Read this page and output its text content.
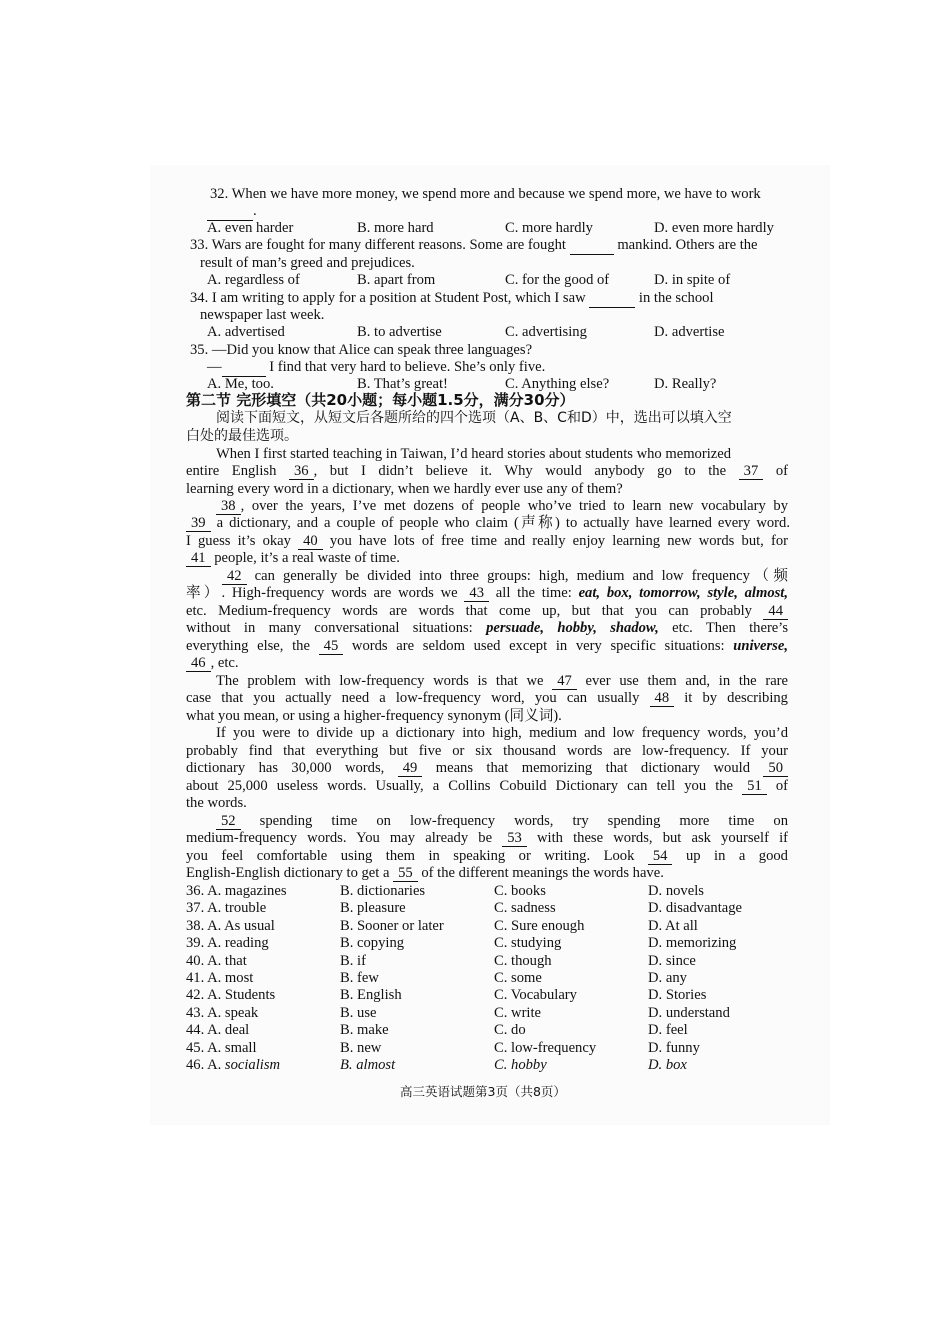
32. When we have more money, we spend more and because we spend more, we have to work
.
A. even harder	B. more hard	C. more hardly	D. even more hardly
33. Wars are fought for many different reasons. Some are fought	mankind. Others are the
result of man’s greed and prejudices.
A. regardless of	B. apart from	C. for the good of	D. in spite of
34. I am writing to apply for a position at Student Post, which I saw	in the school
newspaper last week.
A. advertised	B. to advertise	C. advertising	D. advertise
35. —Did you know that Alice can speak three languages?
—	I find that very hard to believe. She’s only five.
A. Me, too.	B. That’s great!	C. Anything else?	D. Really?
第二节 完形填空（共20小题；每小题1.5分，满分30分）
阅读下面短文，从短文后各题所给的四个选项（A、B、C和D）中，选出可以填入空
白处的最佳选项。
When I first started teaching in Taiwan, I’d heard stories about students who memorized
entire English 36 , but I didn’t believe it. Why would anybody go to the 37 of
learning every word in a dictionary, when we hardly ever use any of them?
38 , over the years, I’ve met dozens of people who’ve tried to learn new vocabulary by
39 a dictionary, and a couple of people who claim (声称) to actually have learned every word.
I guess it’s okay 40 you have lots of free time and really enjoy learning new words but, for
41 people, it’s a real waste of time.
42 can generally be divided into three groups: high, medium and low frequency（频
率）. High-frequency words are words we 43 all the time: eat, box, tomorrow, style, almost,
etc. Medium-frequency words are words that come up, but that you can probably 44
without in many conversational situations: persuade, hobby, shadow, etc. Then there’s
everything else, the 45 words are seldom used except in very specific situations: universe,
46 , etc.
The problem with low-frequency words is that we 47 ever use them and, in the rare
case that you actually need a low-frequency word, you can usually 48 it by describing
what you mean, or using a higher-frequency synonym (同义词).
If you were to divide up a dictionary into high, medium and low frequency words, you’d
probably find that everything but five or six thousand words are low-frequency. If your
dictionary has 30,000 words, 49 means that memorizing that dictionary would 50
about 25,000 useless words. Usually, a Collins Cobuild Dictionary can tell you the 51 of
the words.
52 spending time on low-frequency words, try spending more time on
medium-frequency words. You may already be 53 with these words, but ask yourself if
you feel comfortable using them in speaking or writing. Look 54 up in a good
English-English dictionary to get a 55 of the different meanings the words have.
36. A. magazines	B. dictionaries	C. books	D. novels
37. A. trouble	B. pleasure	C. sadness	D. disadvantage
38. A. As usual	B. Sooner or later	C. Sure enough	D. At all
39. A. reading	B. copying	C. studying	D. memorizing
40. A. that	B. if	C. though	D. since
41. A. most	B. few	C. some	D. any
42. A. Students	B. English	C. Vocabulary	D. Stories
43. A. speak	B. use	C. write	D. understand
44. A. deal	B. make	C. do	D. feel
45. A. small	B. new	C. low-frequency	D. funny
46. A. socialism	B. almost	C. hobby	D. box
高三英语试题第3页（共8页）
